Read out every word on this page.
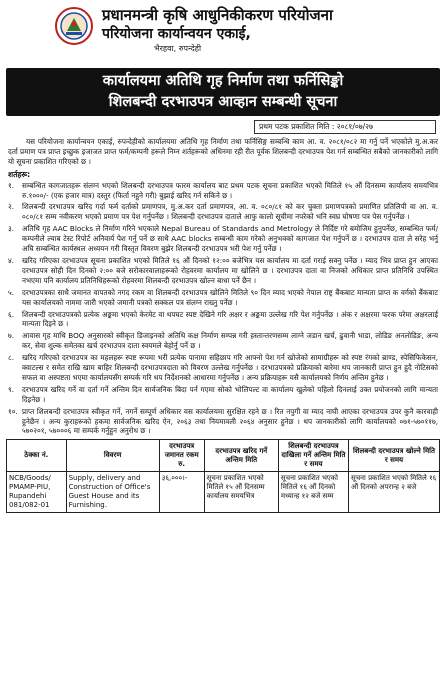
प्रधानमन्त्री कृषि आधुनिकीकरण परियोजना
परियोजना कार्यान्वयन एकाई,
भैरहवा, रुपन्देही
कार्यालयमा अतिथि गृह निर्माण तथा फर्निसिङ्को
शिलबन्दी दरभाउपत्र आव्हान सम्बन्धी सूचना
प्रथम पटक प्रकाशित मिति : २०८१/०७/२७

यस परियोजना कार्यान्वयन एकाई, रुपन्देहीको कार्यालयमा अतिथि गृह निर्माण तथा फर्निसिङ्ग सम्बन्धि काम आ. व. २०८१/०८२ मा गर्नु पर्ने भएकोले मु.अ.कर दर्ता प्रमाण पत्र प्राप्त इच्छुक इजाजत प्राप्त फर्म/कम्पनी हरूले निम्न शर्तहरूको अधिनमा रही रीत पूर्वक शिलबन्दी दरभाउपत्र पेश गर्न सम्बन्धित सबैको जानकारीको लागि यो सूचना प्रकाशित गरिएको छ ।

शर्तहरू:
१.	सम्बन्धित कागजातहरू संलग्न भएको शिलबन्दी दरभाउपत्र फारम कार्यालय बाट प्रथम पटक सूचना प्रकाशित भएको मितिले १५ औं दिनसम्म कार्यालय समयभित्र रु.१०००/- (एक हजार मात्र) दस्तुर (फिर्ता नहुने गरी) बुझाई खरिद गर्न सकिने छ ।
२.	शिलबन्दी दरभाउपत्र खरिद गर्दा फर्म दर्ताको प्रमाणपत्र, मु.अ.कर दर्ता प्रमाणपत्र, आ. व. ०८०/८१ को कर चुक्ता प्रमाणपत्रको प्रमाणित प्रतिलिपी वा आ. व. ०८०/८१ सम्म नवीकरण भएको प्रमाण पत्र पेश गर्नुपर्नेछ । शिलबन्दी दरभाउपत्र दाताले आफु कालो सूचीमा नपरेको भनि स्वघ्र घोषणा पत्र पेस गर्नुपर्नेछ ।
३.	अतिथि गृह AAC Blocks ले निर्माण गरिने भएकाले Nepal Bureau of Standards and Metrology ले निर्दिष्ट गरे बमोजिम हुनुपर्नेछ, सम्बन्धित फर्म/कम्पनीले ल्याब टेस्ट रिपोर्ट अनिवार्य पेश गर्नु पर्ने छ साथै AAC blocks सम्बन्धी काम गरेको अनुभवको कागजात पेश गर्नुपर्ने छ । दरभाउपत्र दाता ले सरेह भर्नु अघि सम्बन्धित कार्यस्थल अध्ययन गरी विस्तृत विवरण बुझेर शिलबन्दी दरभाउपत्र भरी पेश गर्नु पर्नेछ ।
४.	खरिद गरिएका दरभाउपत्र सूचना प्रकाशित भएको मितिले १६ औं दिनको १२:०० बजेभित्र यस कार्यालय मा दर्ता गराई सक्नु पर्नेछ । म्याद भित्र प्राप्त हुन आएका दरभाउपत्र सोही दिन दिनको २:०० बजे सरोकारवालाहरूको रोहवरमा कार्यालय मा खोलिने छ । दरभाउपत्र दाता वा निजको अधिकार प्राप्त प्रतिनिधि उपस्थित नभएमा पनि कार्यालय प्रतिनिधिहरूको रोहवरमा शिलबन्दी दरभाउपत्र खोल्न बाधा पर्ने छैन ।
५.	दरभाउपत्रका साथै जमानत वापतको नगद रकम वा शिलबन्दी दरभाउपत्र खोलिने मितिले ९० दिन म्याद भएको नेपाल राष्ट्र बैंकबाट मान्यता प्राप्त क वर्गको बैंकबाट यस कार्यालयको नाममा जारी भएको जमानी पत्रको सक्कल पत्र संलग्न राख्नु पर्नेछ ।
६.	शिलबन्दी दरभाउपत्रको प्रत्येक अङ्कमा भएको केरमेट वा थपघट स्पष्ट देखिने गरि अक्षर र अङ्कमा उल्लेख गरि पेश गर्नुपर्नेछ । अंक र अक्षरमा फरक परेमा अक्षरलाई मान्यता दिइने छ ।
७.	आवास गृह माथि BOQ अनुसारको स्वीकृत डिजाइनको अतिथि कक्ष निर्माण सम्पन्न गरी हस्तान्तरणसम्म लाग्ने जडान खर्च, ढुवानी भाडा, लोडिङ अनलोडिङ, अन्य कर, सेवा शुल्क समेतका खर्च दरभाउपत्र दाता स्वयमले बेहोर्नु पर्ने छ ।
८.	खरिद गरिएको दरभाउपत्र का महलहरू स्पष्ट रूपमा भरी प्रत्येक पानामा सहिछाप गरि आफ्नो पेश गर्न खोजेको सामाग्रीहरू को स्पष्ट रंगको ब्राण्ड, स्पेसिफिकेसन, क्वाटल्स र समेत राखि खाम बाहिर शिलबन्दी दरभाउपत्रदाता को विवरण उल्लेख गर्नुपर्नेछ । दरभाउपत्रको प्रक्रियाको बारेमा थप जानकारी प्राप्त हुन हुदै नोटिसको सफल वा अस्पष्टता भएमा कार्यालयसँग सम्पर्क गरि थप निर्देशनको आधारमा गर्नुपर्नेछ । अन्य प्रक्रियाहरू यसै कार्यालयको निर्णय अन्तिम हुनेछ ।
९.	दरभाउपत्र खरिद गर्ने वा दर्ता गर्ने अन्तिम दिन सार्वजनिक बिदा पर्न गएमा सोको भोलिपल्ट वा कार्यालय खुलेको पहिलो दिनलाई उक्त प्रयोजनको लागि मान्यता दिइनेछ ।
१०. प्राप्त शिलबन्दी दरभाउपत्र स्वीकृत गर्ने, नगर्ने सम्पूर्ण अधिकार यस कार्यालयमा सुरक्षित रहने छ । रित नपुगी वा म्याद नाघी आएका दरभाउपत्र उपर कुनै कारवाही हुनेछैन । अन्य कुराहरूको हकमा सार्वजनिक खरिद ऐन, २०६३ तथा नियमावली २०६४ अनुसार हुनेछ । थप जानकारीको लागि कार्यालयको ०७१-५७०११७, ५७०२०१, ५७०००६ मा सम्पर्क गर्नुहुन अनुरोध छ ।
ठेक्का नं.	विवरण	दरभाउपत्र जमानत रकम रु.	दरभाउपत्र खरिद गर्ने अन्तिम मिति	शिलबन्दी दरभाउपत्र दाखिला गर्ने अन्तिम मिति र समय	शिलबन्दी दरभाउपत्र खोल्ने मिति र समय
NCB/Goods/ PMAMP-PIU, Rupandehi 081/082-01	Supply, delivery and Construction of Office's Guest House and its Furnishing.	३६,०००।-	सूचना प्रकाशित भएको मितिले १५ औं दिनसम्म कार्यालय समयभित्र	सूचना प्रकाशित भएको मितिले १६ औं दिनको मध्यान्ह १२ बजे सम्म	सूचना प्रकाशित भएको मितिले १६ औं दिनको अपरान्ह २ बजे
